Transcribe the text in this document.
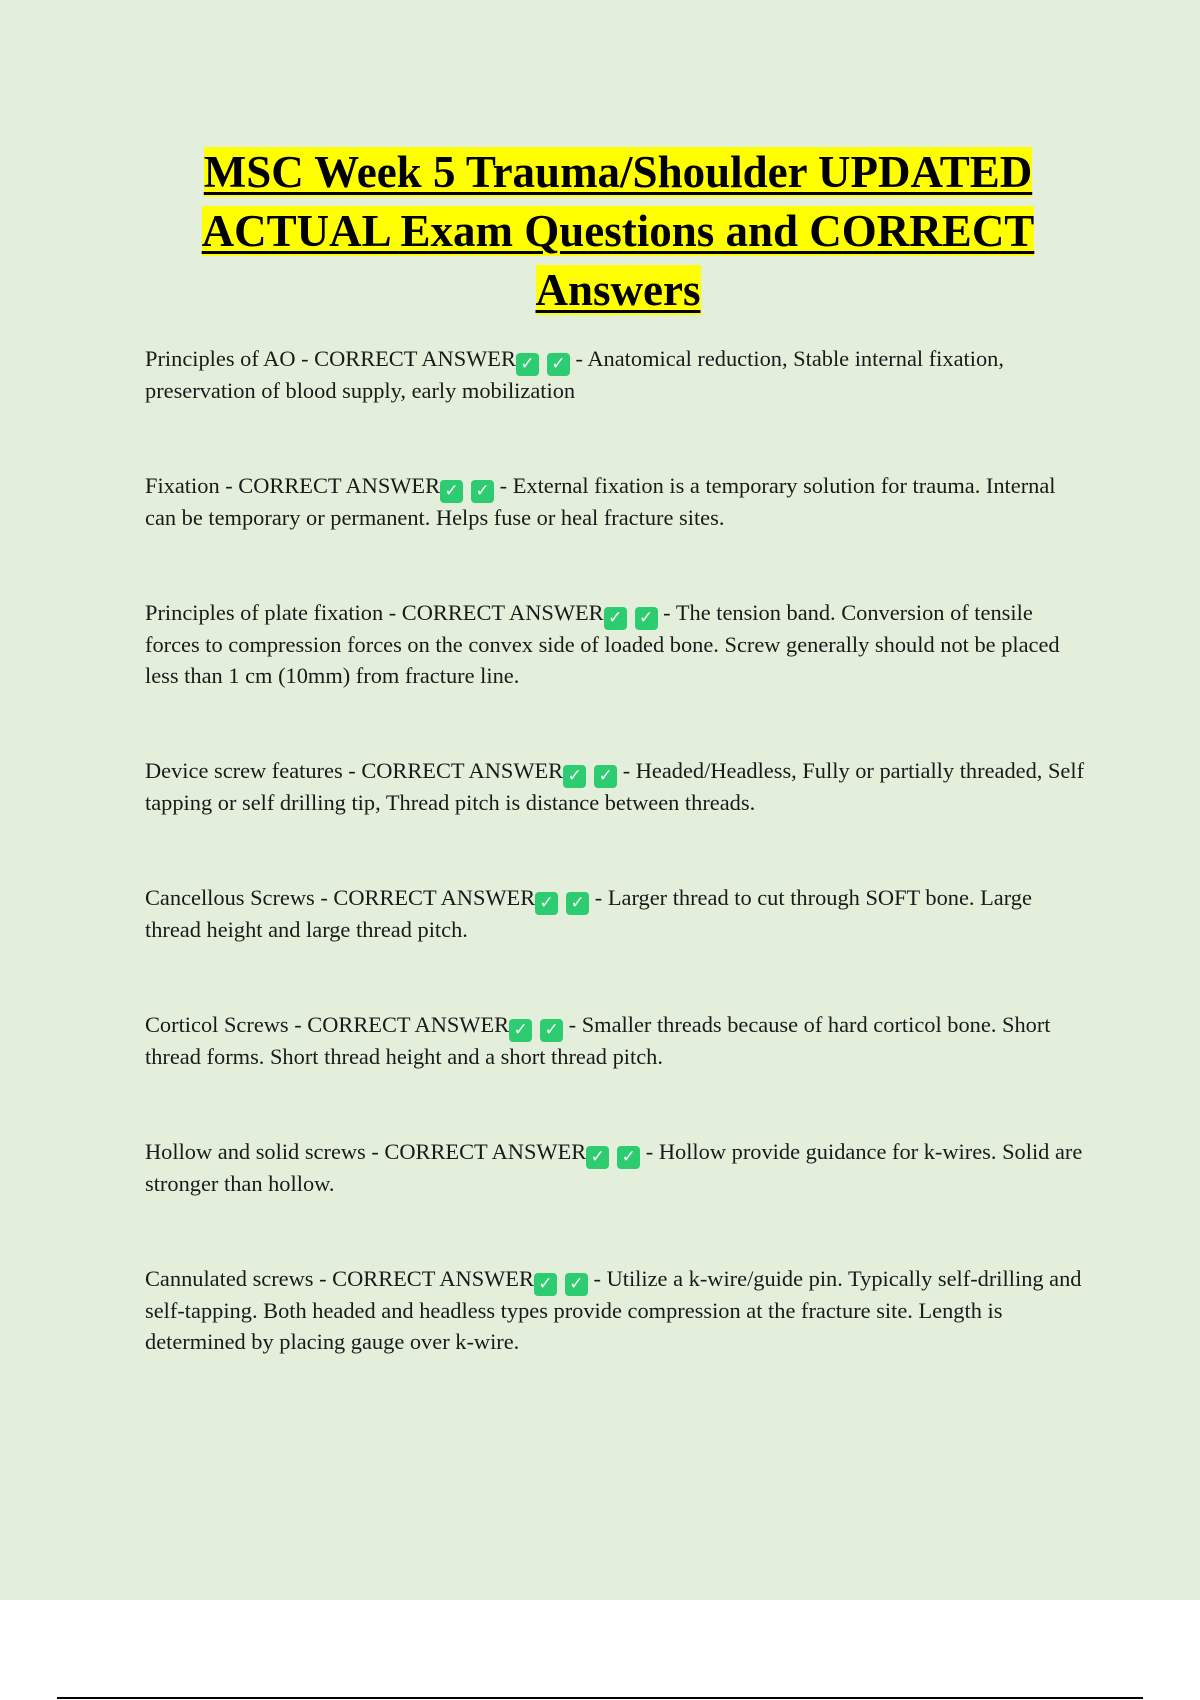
MSC Week 5 Trauma/Shoulder UPDATED ACTUAL Exam Questions and CORRECT Answers
Principles of AO - CORRECT ANSWER ✓ ✓ - Anatomical reduction, Stable internal fixation, preservation of blood supply, early mobilization
Fixation - CORRECT ANSWER ✓ ✓ - External fixation is a temporary solution for trauma. Internal can be temporary or permanent. Helps fuse or heal fracture sites.
Principles of plate fixation - CORRECT ANSWER ✓ ✓ - The tension band. Conversion of tensile forces to compression forces on the convex side of loaded bone. Screw generally should not be placed less than 1 cm (10mm) from fracture line.
Device screw features - CORRECT ANSWER ✓ ✓ - Headed/Headless, Fully or partially threaded, Self tapping or self drilling tip, Thread pitch is distance between threads.
Cancellous Screws - CORRECT ANSWER ✓ ✓ - Larger thread to cut through SOFT bone. Large thread height and large thread pitch.
Corticol Screws - CORRECT ANSWER ✓ ✓ - Smaller threads because of hard corticol bone. Short thread forms. Short thread height and a short thread pitch.
Hollow and solid screws - CORRECT ANSWER ✓ ✓ - Hollow provide guidance for k-wires. Solid are stronger than hollow.
Cannulated screws - CORRECT ANSWER ✓ ✓ - Utilize a k-wire/guide pin. Typically self-drilling and self-tapping. Both headed and headless types provide compression at the fracture site. Length is determined by placing gauge over k-wire.
